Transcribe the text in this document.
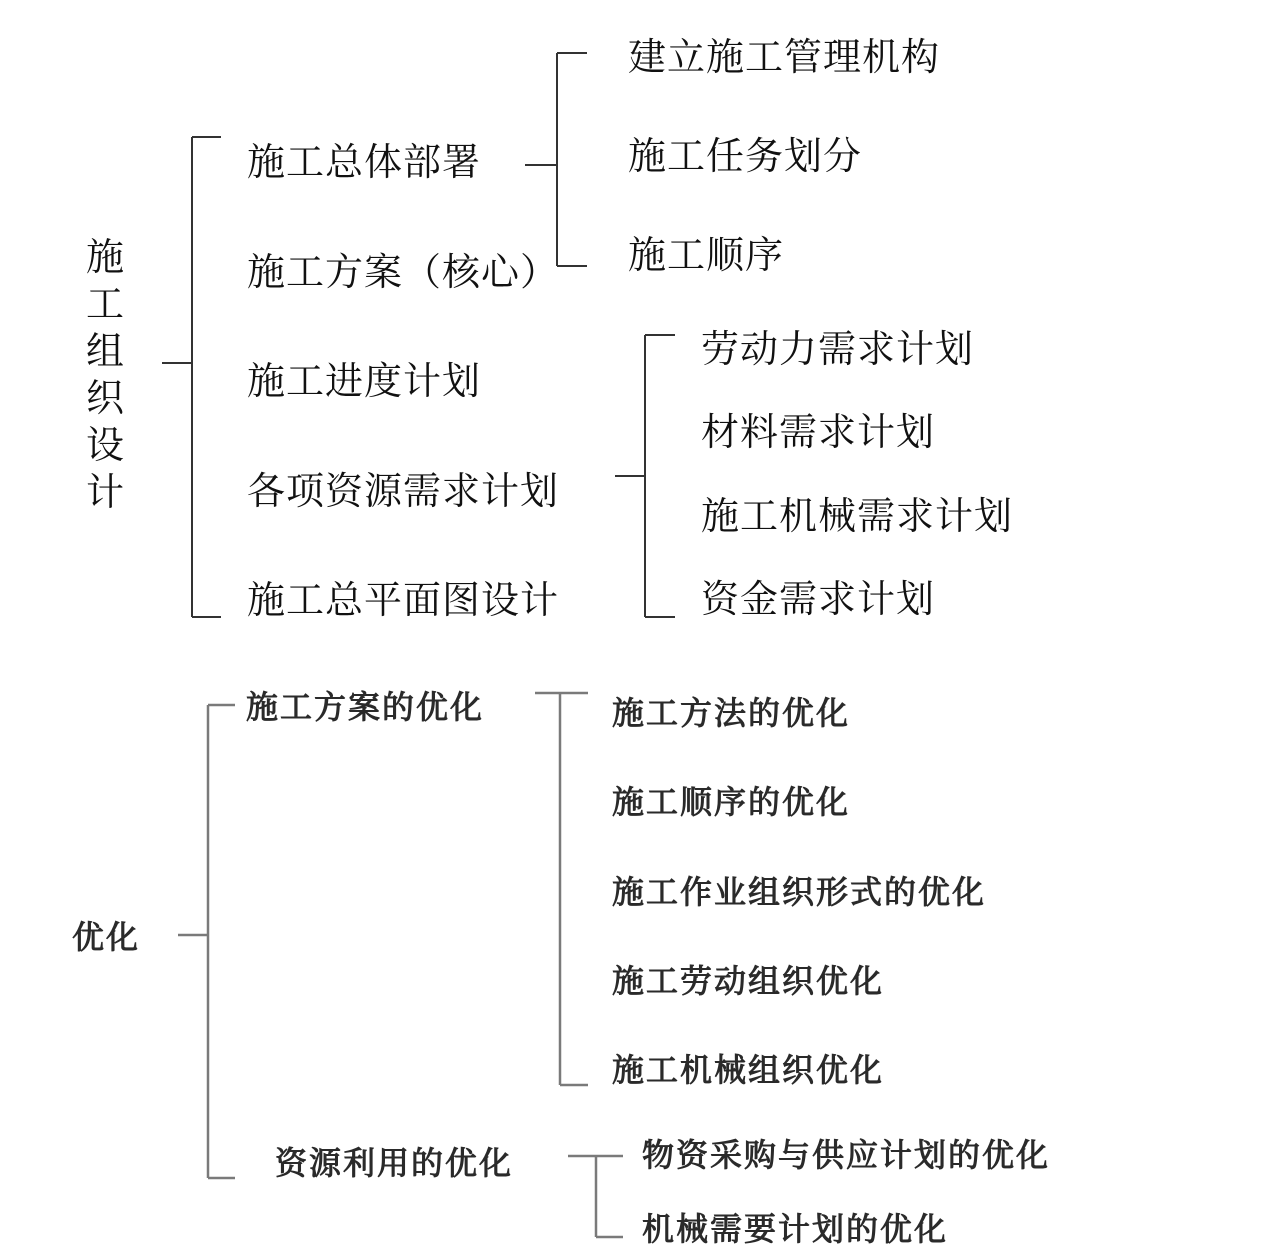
施
工
组
织
设
计
施工总体部署
施工方案（核心）
施工进度计划
各项资源需求计划
施工总平面图设计
建立施工管理机构
施工任务划分
施工顺序
劳动力需求计划
材料需求计划
施工机械需求计划
资金需求计划
优化
施工方案的优化
资源利用的优化
施工方法的优化
施工顺序的优化
施工作业组织形式的优化
施工劳动组织优化
施工机械组织优化
物资采购与供应计划的优化
机械需要计划的优化
